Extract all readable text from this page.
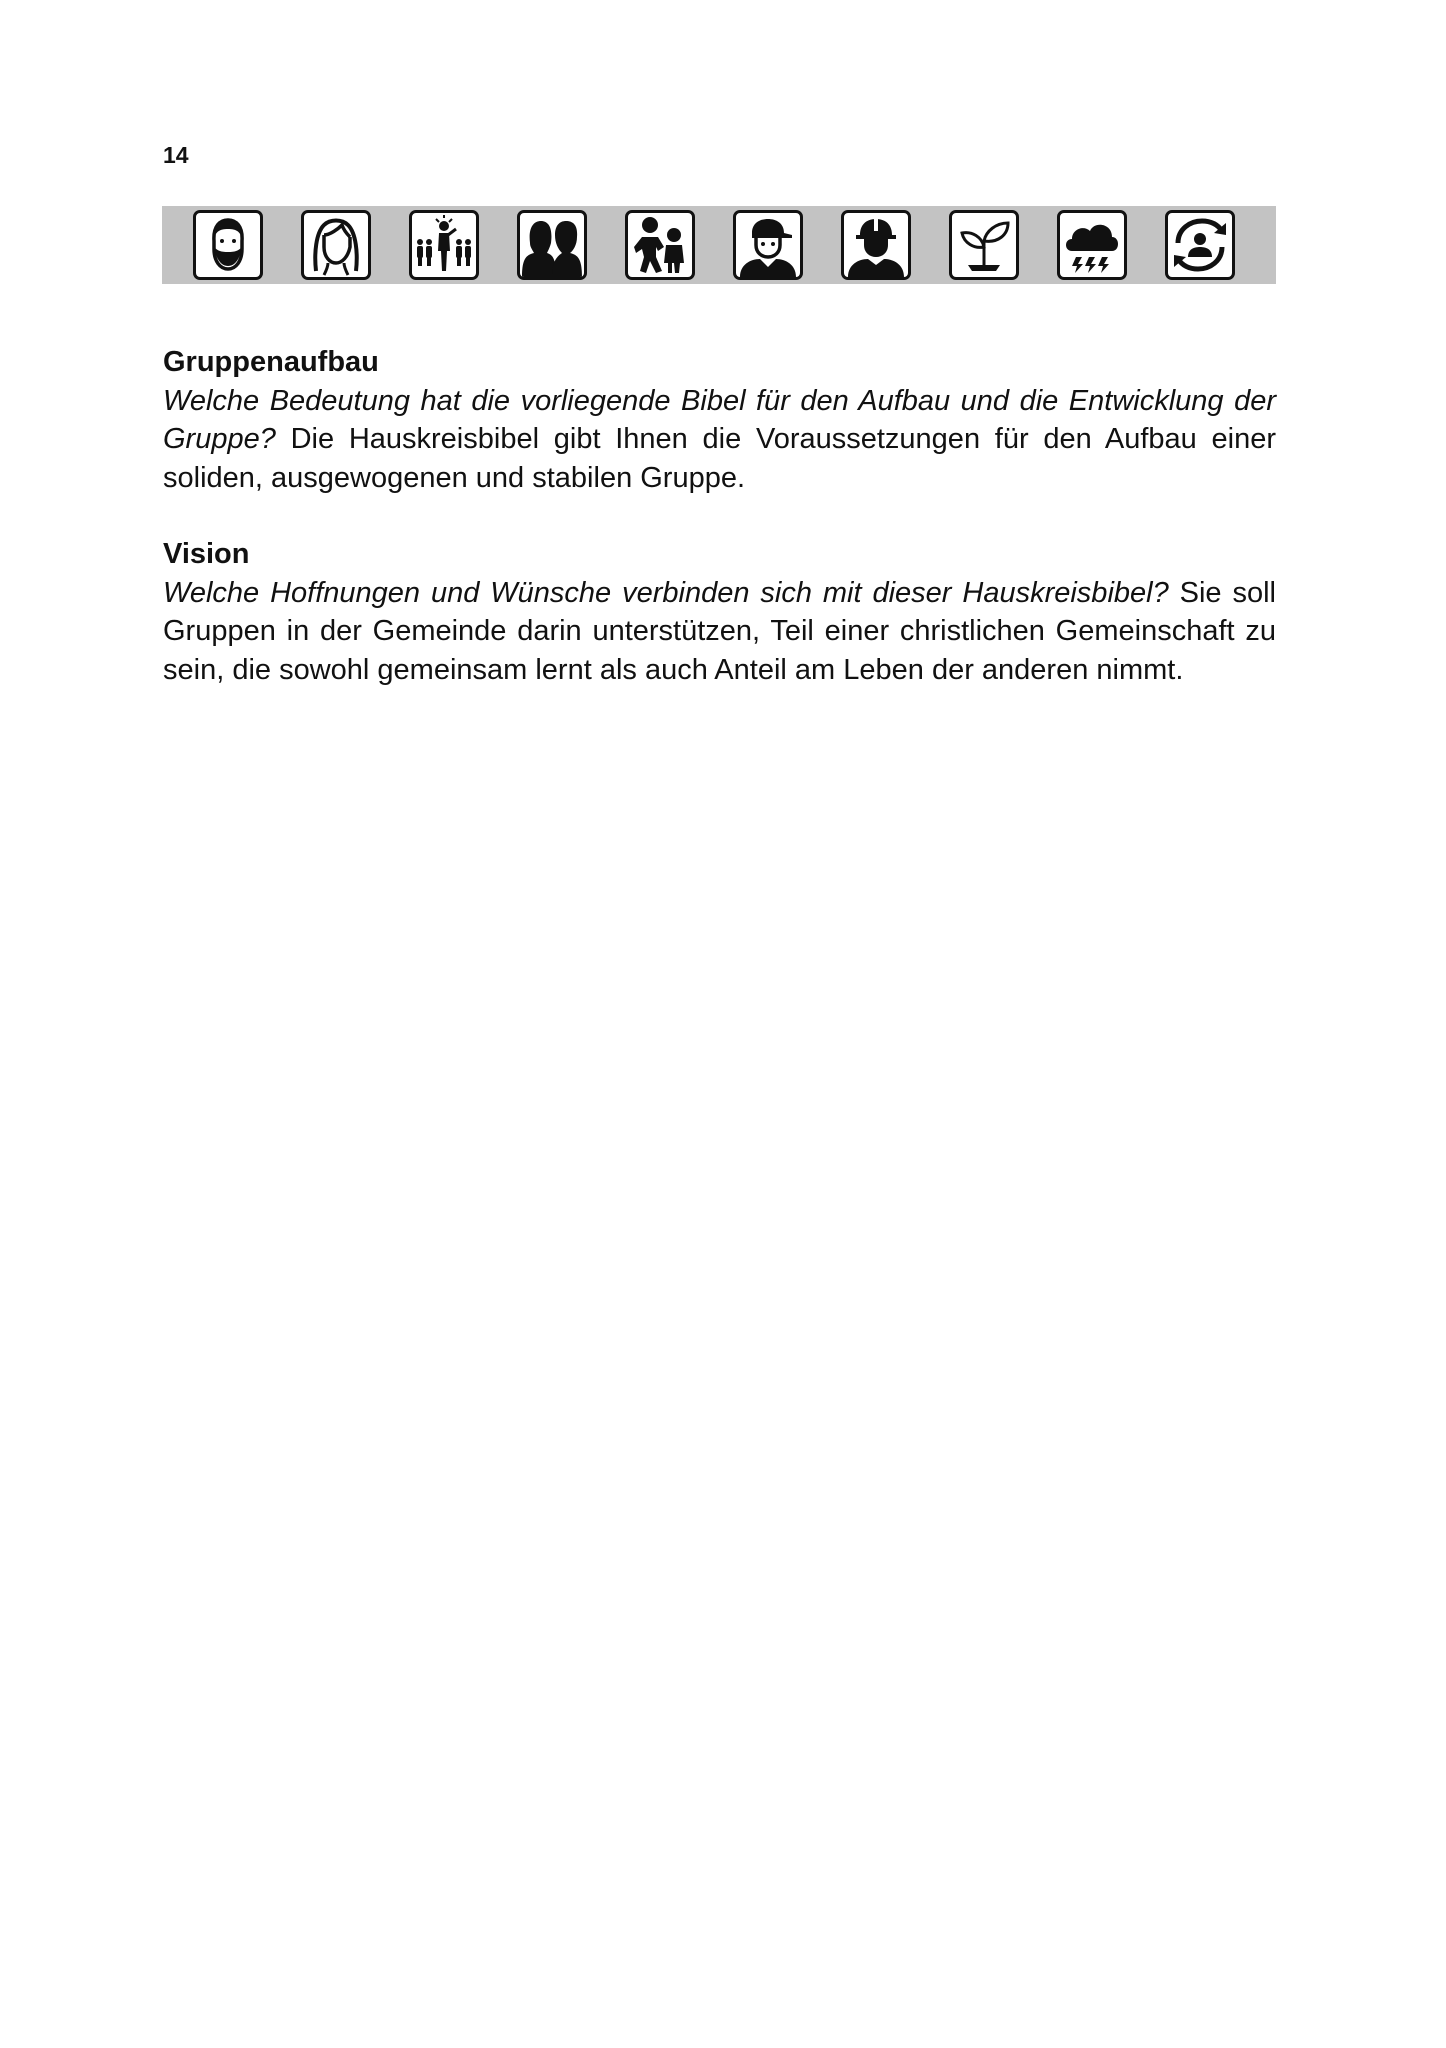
14

Gruppenaufbau

Welche Bedeutung hat die vorliegende Bibel für den Aufbau und die Entwicklung der Gruppe? Die Hauskreisbibel gibt Ihnen die Voraussetzungen für den Aufbau einer soliden, ausgewogenen und stabilen Gruppe.

Vision

Welche Hoffnungen und Wünsche verbinden sich mit dieser Hauskreisbibel? Sie soll Gruppen in der Gemeinde darin unterstützen, Teil einer christlichen Gemeinschaft zu sein, die sowohl gemeinsam lernt als auch Anteil am Leben der anderen nimmt.
